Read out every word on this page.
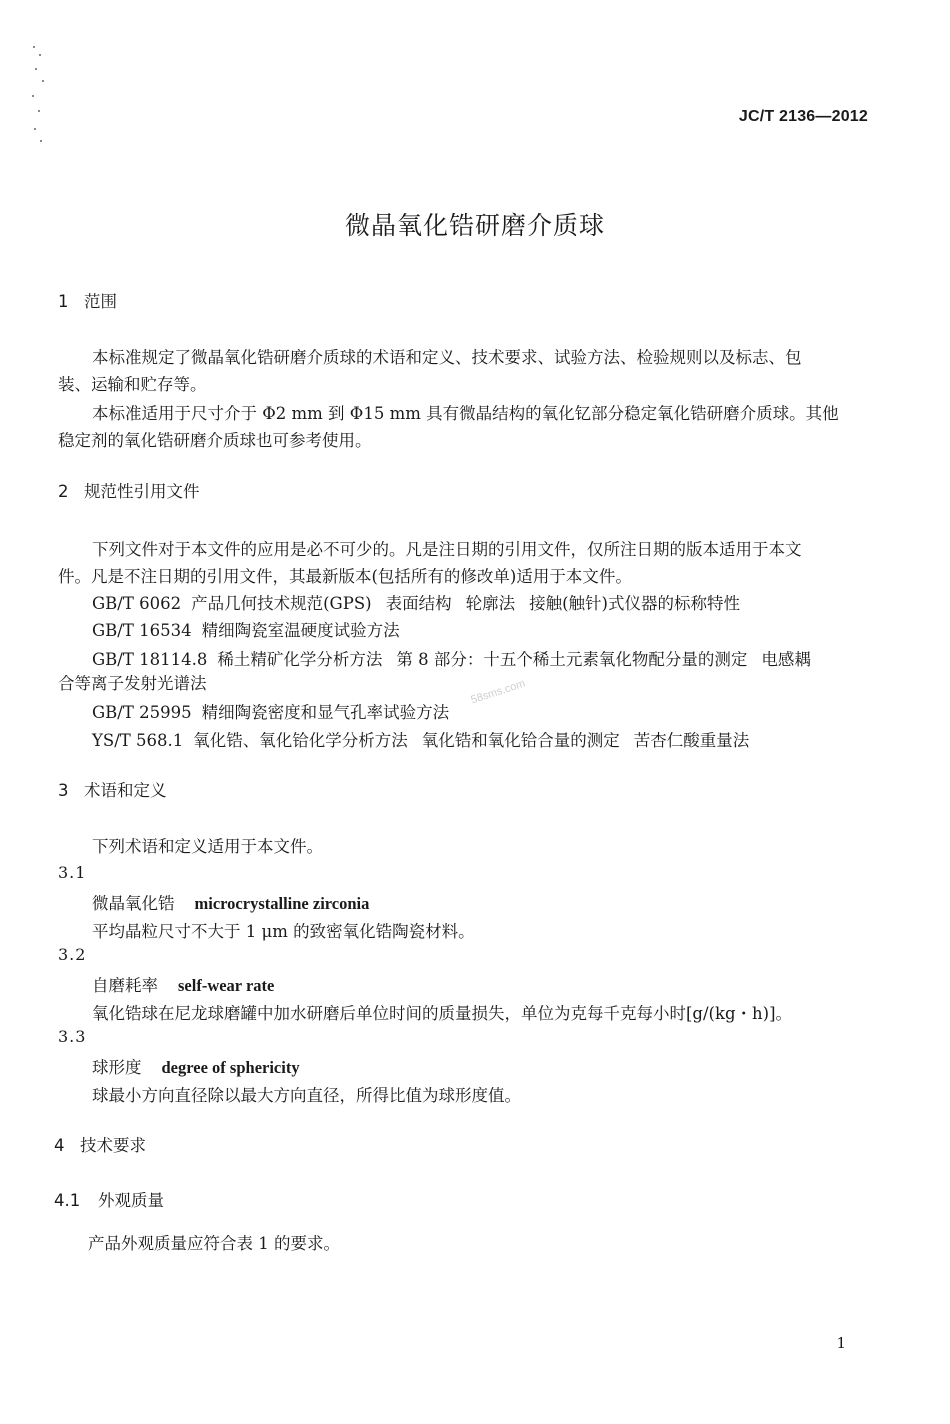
JC/T 2136—2012
微晶氧化锆研磨介质球
1 范围
本标准规定了微晶氧化锆研磨介质球的术语和定义、技术要求、试验方法、检验规则以及标志、包
装、运输和贮存等。
本标准适用于尺寸介于 Φ2 mm 到 Φ15 mm 具有微晶结构的氧化钇部分稳定氧化锆研磨介质球。其他
稳定剂的氧化锆研磨介质球也可参考使用。
2 规范性引用文件
下列文件对于本文件的应用是必不可少的。凡是注日期的引用文件，仅所注日期的版本适用于本文
件。凡是不注日期的引用文件，其最新版本(包括所有的修改单)适用于本文件。
GB/T 6062 产品几何技术规范(GPS) 表面结构 轮廓法 接触(触针)式仪器的标称特性
GB/T 16534 精细陶瓷室温硬度试验方法
GB/T 18114.8 稀土精矿化学分析方法 第 8 部分：十五个稀土元素氧化物配分量的测定 电感耦
合等离子发射光谱法
GB/T 25995 精细陶瓷密度和显气孔率试验方法
YS/T 568.1 氧化锆、氧化铪化学分析方法 氧化锆和氧化铪合量的测定 苦杏仁酸重量法
3 术语和定义
下列术语和定义适用于本文件。
3.1
微晶氧化锆 microcrystalline zirconia
平均晶粒尺寸不大于 1 μm 的致密氧化锆陶瓷材料。
3.2
自磨耗率 self-wear rate
氧化锆球在尼龙球磨罐中加水研磨后单位时间的质量损失，单位为克每千克每小时[g/(kg・h)]。
3.3
球形度 degree of sphericity
球最小方向直径除以最大方向直径，所得比值为球形度值。
4 技术要求
4.1 外观质量
产品外观质量应符合表 1 的要求。
58sms.com
1
